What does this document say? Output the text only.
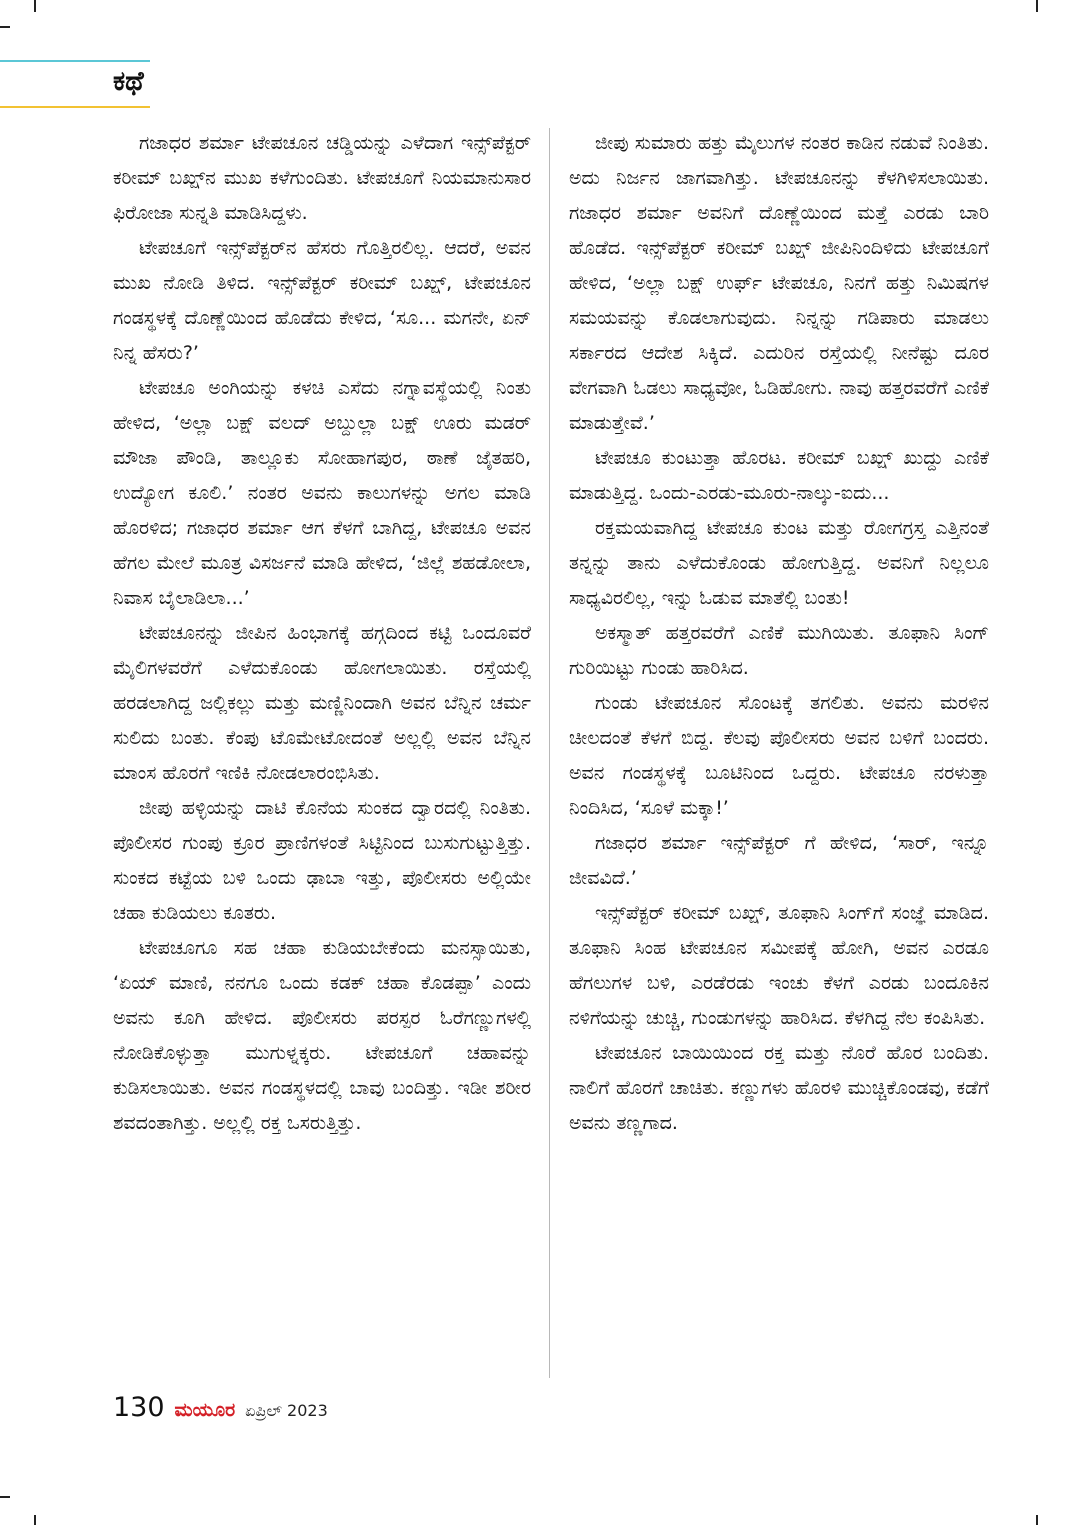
ಕಥೆ

ಗಜಾಧರ ಶರ್ಮಾ ಟೇಪಚೂನ ಚಡ್ಡಿಯನ್ನು ಎಳೆದಾಗ ಇನ್ಸ್‌ಪೆಕ್ಟರ್ ಕರೀಮ್ ಬಖ್ಷ್‌ನ ಮುಖ ಕಳೆಗುಂದಿತು. ಟೇಪಚೂಗೆ ನಿಯಮಾನುಸಾರ ಫಿರೋಜಾ ಸುನ್ನತಿ ಮಾಡಿಸಿದ್ದಳು.

ಟೇಪಚೂಗೆ ಇನ್ಸ್‌ಪೆಕ್ಟರ್‌ನ ಹೆಸರು ಗೊತ್ತಿರಲಿಲ್ಲ. ಆದರೆ, ಅವನ ಮುಖ ನೋಡಿ ತಿಳಿದ. ಇನ್ಸ್‌ಪೆಕ್ಟರ್ ಕರೀಮ್ ಬಖ್ಷ್, ಟೇಪಚೂನ ಗಂಡಸ್ಥಳಕ್ಕೆ ದೊಣ್ಣೆಯಿಂದ ಹೊಡೆದು ಕೇಳಿದ, ‘ಸೂ... ಮಗನೇ, ಏನ್ ನಿನ್ನ ಹೆಸರು?’

ಟೇಪಚೂ ಅಂಗಿಯನ್ನು ಕಳಚಿ ಎಸೆದು ನಗ್ನಾವಸ್ಥೆಯಲ್ಲಿ ನಿಂತು ಹೇಳಿದ, ‘ಅಲ್ಲಾ ಬಕ್ಷ್ ವಲದ್ ಅಬ್ದುಲ್ಲಾ ಬಕ್ಷ್ ಊರು ಮಡರ್ ಮೌಜಾ ಪೌಂಡಿ, ತಾಲ್ಲೂಕು ಸೋಹಾಗಪುರ, ಠಾಣೆ ಜೈತಹರಿ, ಉದ್ಯೋಗ ಕೂಲಿ.’ ನಂತರ ಅವನು ಕಾಲುಗಳನ್ನು ಅಗಲ ಮಾಡಿ ಹೊರಳಿದ; ಗಜಾಧರ ಶರ್ಮಾ ಆಗ ಕೆಳಗೆ ಬಾಗಿದ್ದ, ಟೇಪಚೂ ಅವನ ಹೆಗಲ ಮೇಲೆ ಮೂತ್ರ ವಿಸರ್ಜನೆ ಮಾಡಿ ಹೇಳಿದ, ‘ಜಿಲ್ಲೆ ಶಹಡೋಲಾ, ನಿವಾಸ ಬೈಲಾಡಿಲಾ...’

ಟೇಪಚೂನನ್ನು ಜೀಪಿನ ಹಿಂಭಾಗಕ್ಕೆ ಹಗ್ಗದಿಂದ ಕಟ್ಟಿ ಒಂದೂವರೆ ಮೈಲಿಗಳವರೆಗೆ ಎಳೆದುಕೊಂಡು ಹೋಗಲಾಯಿತು. ರಸ್ತೆಯಲ್ಲಿ ಹರಡಲಾಗಿದ್ದ ಜಲ್ಲಿಕಲ್ಲು ಮತ್ತು ಮಣ್ಣಿನಿಂದಾಗಿ ಅವನ ಬೆನ್ನಿನ ಚರ್ಮ ಸುಲಿದು ಬಂತು. ಕೆಂಪು ಟೊಮೇಟೋದಂತೆ ಅಲ್ಲಲ್ಲಿ ಅವನ ಬೆನ್ನಿನ ಮಾಂಸ ಹೊರಗೆ ಇಣಿಕಿ ನೋಡಲಾರಂಭಿಸಿತು.

ಜೀಪು ಹಳ್ಳಿಯನ್ನು ದಾಟಿ ಕೊನೆಯ ಸುಂಕದ ದ್ವಾರದಲ್ಲಿ ನಿಂತಿತು. ಪೊಲೀಸರ ಗುಂಪು ಕ್ರೂರ ಪ್ರಾಣಿಗಳಂತೆ ಸಿಟ್ಟಿನಿಂದ ಬುಸುಗುಟ್ಟುತ್ತಿತ್ತು. ಸುಂಕದ ಕಟ್ಟೆಯ ಬಳಿ ಒಂದು ಢಾಬಾ ಇತ್ತು, ಪೊಲೀಸರು ಅಲ್ಲಿಯೇ ಚಹಾ ಕುಡಿಯಲು ಕೂತರು.

ಟೇಪಚೂಗೂ ಸಹ ಚಹಾ ಕುಡಿಯಬೇಕೆಂದು ಮನಸ್ಸಾಯಿತು, ‘ಏಯ್ ಮಾಣಿ, ನನಗೂ ಒಂದು ಕಡಕ್ ಚಹಾ ಕೊಡಪ್ಪಾ’ ಎಂದು ಅವನು ಕೂಗಿ ಹೇಳಿದ. ಪೊಲೀಸರು ಪರಸ್ಪರ ಓರೆಗಣ್ಣುಗಳಲ್ಲಿ ನೋಡಿಕೊಳ್ಳುತ್ತಾ ಮುಗುಳ್ನಕ್ಕರು. ಟೇಪಚೂಗೆ ಚಹಾವನ್ನು ಕುಡಿಸಲಾಯಿತು. ಅವನ ಗಂಡಸ್ಥಳದಲ್ಲಿ ಬಾವು ಬಂದಿತ್ತು. ಇಡೀ ಶರೀರ ಶವದಂತಾಗಿತ್ತು. ಅಲ್ಲಲ್ಲಿ ರಕ್ತ ಒಸರುತ್ತಿತ್ತು.

ಜೀಪು ಸುಮಾರು ಹತ್ತು ಮೈಲುಗಳ ನಂತರ ಕಾಡಿನ ನಡುವೆ ನಿಂತಿತು. ಅದು ನಿರ್ಜನ ಜಾಗವಾಗಿತ್ತು. ಟೇಪಚೂನನ್ನು ಕೆಳಗಿಳಿಸಲಾಯಿತು. ಗಜಾಧರ ಶರ್ಮಾ ಅವನಿಗೆ ದೊಣ್ಣೆಯಿಂದ ಮತ್ತೆ ಎರಡು ಬಾರಿ ಹೊಡೆದ. ಇನ್ಸ್‌ಪೆಕ್ಟರ್ ಕರೀಮ್ ಬಖ್ಷ್ ಜೀಪಿನಿಂದಿಳಿದು ಟೇಪಚೂಗೆ ಹೇಳಿದ, ‘ಅಲ್ಲಾ ಬಕ್ಷ್ ಉರ್ಫ್ ಟೇಪಚೂ, ನಿನಗೆ ಹತ್ತು ನಿಮಿಷಗಳ ಸಮಯವನ್ನು ಕೊಡಲಾಗುವುದು. ನಿನ್ನನ್ನು ಗಡಿಪಾರು ಮಾಡಲು ಸರ್ಕಾರದ ಆದೇಶ ಸಿಕ್ಕಿದೆ. ಎದುರಿನ ರಸ್ತೆಯಲ್ಲಿ ನೀನೆಷ್ಟು ದೂರ ವೇಗವಾಗಿ ಓಡಲು ಸಾಧ್ಯವೋ, ಓಡಿಹೋಗು. ನಾವು ಹತ್ತರವರೆಗೆ ಎಣಿಕೆ ಮಾಡುತ್ತೇವೆ.’

ಟೇಪಚೂ ಕುಂಟುತ್ತಾ ಹೊರಟ. ಕರೀಮ್ ಬಖ್ಷ್ ಖುದ್ದು ಎಣಿಕೆ ಮಾಡುತ್ತಿದ್ದ. ಒಂದು-ಎರಡು-ಮೂರು-ನಾಲ್ಕು-ಐದು...

ರಕ್ತಮಯವಾಗಿದ್ದ ಟೇಪಚೂ ಕುಂಟ ಮತ್ತು ರೋಗಗ್ರಸ್ತ ಎತ್ತಿನಂತೆ ತನ್ನನ್ನು ತಾನು ಎಳೆದುಕೊಂಡು ಹೋಗುತ್ತಿದ್ದ. ಅವನಿಗೆ ನಿಲ್ಲಲೂ ಸಾಧ್ಯವಿರಲಿಲ್ಲ, ಇನ್ನು ಓಡುವ ಮಾತೆಲ್ಲಿ ಬಂತು!

ಅಕಸ್ಮಾತ್ ಹತ್ತರವರೆಗೆ ಎಣಿಕೆ ಮುಗಿಯಿತು. ತೂಫಾನಿ ಸಿಂಗ್ ಗುರಿಯಿಟ್ಟು ಗುಂಡು ಹಾರಿಸಿದ.

ಗುಂಡು ಟೇಪಚೂನ ಸೊಂಟಕ್ಕೆ ತಗಲಿತು. ಅವನು ಮರಳಿನ ಚೀಲದಂತೆ ಕೆಳಗೆ ಬಿದ್ದ. ಕೆಲವು ಪೊಲೀಸರು ಅವನ ಬಳಿಗೆ ಬಂದರು. ಅವನ ಗಂಡಸ್ಥಳಕ್ಕೆ ಬೂಟಿನಿಂದ ಒದ್ದರು. ಟೇಪಚೂ ನರಳುತ್ತಾ ನಿಂದಿಸಿದ, ‘ಸೂಳೆ ಮಕ್ಕಾ!’

ಗಜಾಧರ ಶರ್ಮಾ ಇನ್ಸ್‌ಪೆಕ್ಟರ್ ಗೆ ಹೇಳಿದ, ‘ಸಾರ್, ಇನ್ನೂ ಜೀವವಿದೆ.’

ಇನ್ಸ್‌ಪೆಕ್ಟರ್ ಕರೀಮ್ ಬಖ್ಷ್, ತೂಫಾನಿ ಸಿಂಗ್‌ಗೆ ಸಂಜ್ಞೆ ಮಾಡಿದ. ತೂಫಾನಿ ಸಿಂಹ ಟೇಪಚೂನ ಸಮೀಪಕ್ಕೆ ಹೋಗಿ, ಅವನ ಎರಡೂ ಹೆಗಲುಗಳ ಬಳಿ, ಎರಡೆರಡು ಇಂಚು ಕೆಳಗೆ ಎರಡು ಬಂದೂಕಿನ ನಳಿಗೆಯನ್ನು ಚುಚ್ಚಿ, ಗುಂಡುಗಳನ್ನು ಹಾರಿಸಿದ. ಕೆಳಗಿದ್ದ ನೆಲ ಕಂಪಿಸಿತು.

ಟೇಪಚೂನ ಬಾಯಿಯಿಂದ ರಕ್ತ ಮತ್ತು ನೊರೆ ಹೊರ ಬಂದಿತು. ನಾಲಿಗೆ ಹೊರಗೆ ಚಾಚಿತು. ಕಣ್ಣುಗಳು ಹೊರಳಿ ಮುಚ್ಚಿಕೊಂಡವು, ಕಡೆಗೆ ಅವನು ತಣ್ಣಗಾದ.

130 ಮಯೂರ ಏಪ್ರಿಲ್ 2023
